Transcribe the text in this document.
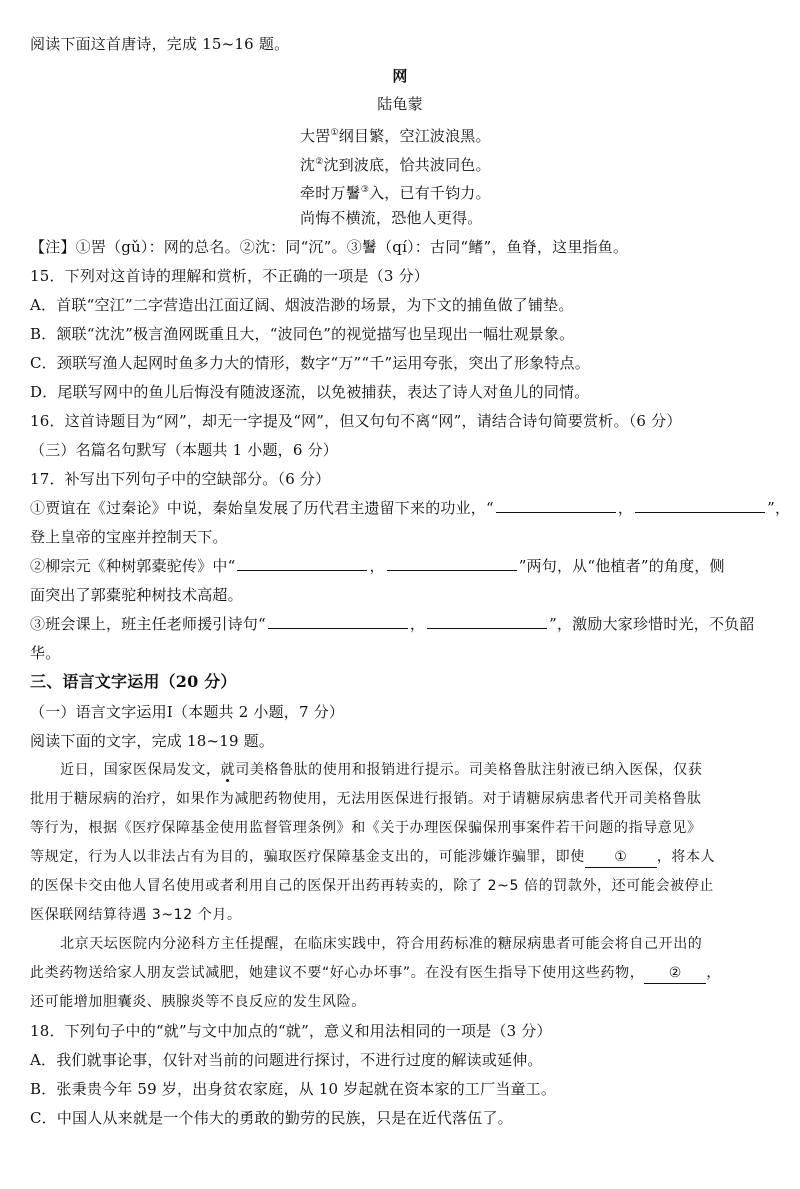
阅读下面这首唐诗，完成 15~16 题。
网
陆龟蒙
大罟①纲目繁，空江波浪黑。
沈②沈到波底，恰共波同色。
牵时万鬐③入，已有千钧力。
尚悔不横流，恐他人更得。
【注】①罟（gǔ）：网的总名。②沈：同“沉”。③鬐（qí）：古同“鳍”，鱼脊，这里指鱼。
15．下列对这首诗的理解和赏析，不正确的一项是（3 分）
A．首联“空江”二字营造出江面辽阔、烟波浩渺的场景，为下文的捕鱼做了铺垫。
B．颔联“沈沈”极言渔网既重且大，“波同色”的视觉描写也呈现出一幅壮观景象。
C．颈联写渔人起网时鱼多力大的情形，数字“万”“千”运用夸张，突出了形象特点。
D．尾联写网中的鱼儿后悔没有随波逐流，以免被捕获，表达了诗人对鱼儿的同情。
16．这首诗题目为“网”，却无一字提及“网”，但又句句不离“网”，请结合诗句简要赏析。（6 分）
（三）名篇名句默写（本题共 1 小题，6 分）
17．补写出下列句子中的空缺部分。（6 分）
①贾谊在《过秦论》中说，秦始皇发展了历代君主遗留下来的功业，“	，	”，
登上皇帝的宝座并控制天下。
②柳宗元《种树郭橐驼传》中“	，	”两句，从“他植者”的角度，侧
面突出了郭橐驼种树技术高超。
③班会课上，班主任老师援引诗句“	，	”，激励大家珍惜时光，不负韶
华。
三、语言文字运用（20 分）
（一）语言文字运用Ⅰ（本题共 2 小题，7 分）
阅读下面的文字，完成 18~19 题。
近日，国家医保局发文，就司美格鲁肽的使用和报销进行提示。司美格鲁肽注射液已纳入医保，仅获
批用于糖尿病的治疗，如果作为减肥药物使用，无法用医保进行报销。对于请糖尿病患者代开司美格鲁肽
等行为，根据《医疗保障基金使用监督管理条例》和《关于办理医保骗保刑事案件若干问题的指导意见》
等规定，行为人以非法占有为目的，骗取医疗保障基金支出的，可能涉嫌诈骗罪，即使 ① ，将本人
的医保卡交由他人冒名使用或者利用自己的医保开出药再转卖的，除了 2~5 倍的罚款外，还可能会被停止
医保联网结算待遇 3~12 个月。
北京天坛医院内分泌科方主任提醒，在临床实践中，符合用药标准的糖尿病患者可能会将自己开出的
此类药物送给家人朋友尝试减肥，她建议不要“好心办坏事”。在没有医生指导下使用这些药物， ② ，
还可能增加胆囊炎、胰腺炎等不良反应的发生风险。
18．下列句子中的“就”与文中加点的“就”，意义和用法相同的一项是（3 分）
A．我们就事论事，仅针对当前的问题进行探讨，不进行过度的解读或延伸。
B．张秉贵今年 59 岁，出身贫农家庭，从 10 岁起就在资本家的工厂当童工。
C．中国人从来就是一个伟大的勇敢的勤劳的民族，只是在近代落伍了。
